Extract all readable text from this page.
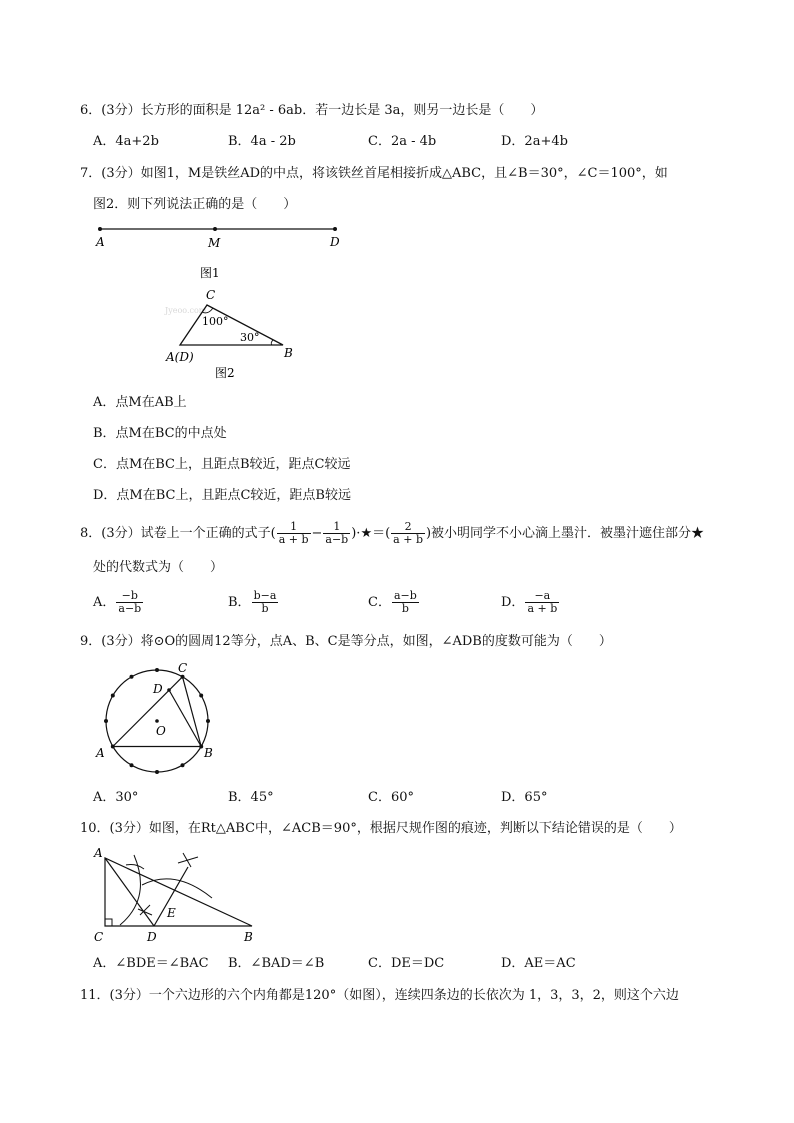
6．(3分）长方形的面积是 12a² - 6ab．若一边长是 3a，则另一边长是（　　）
A．4a+2b	B．4a - 2b	C．2a - 4b	D．2a+4b
7．(3分）如图1，M是铁丝AD的中点，将该铁丝首尾相接折成△ABC，且∠B＝30°，∠C＝100°，如
图2．则下列说法正确的是（　　）
A	M	D
图1
Jyeoo.com
C
100°
30°
B
A(D)
图2
A．点M在AB上
B．点M在BC的中点处
C．点M在BC上，且距点B较近，距点C较远
D．点M在BC上，且距点C较近，距点B较远
8．(3分）试卷上一个正确的式子( $\frac{1}{a + b} - \frac{1}{a-b}$ )·★＝( $\frac{2}{a + b}$ )被小明同学不小心滴上墨汁．被墨汁遮住部分★
处的代数式为（　　）
A． $\frac{-b}{a-b}$	B． $\frac{b-a}{b}$	C． $\frac{a-b}{b}$	D． $\frac{-a}{a + b}$
9．(3分）将⊙O的圆周12等分，点A、B、C是等分点，如图，∠ADB的度数可能为（　　）
C
D
O
A	B
A．30°	B．45°	C．60°	D．65°
10．(3分）如图，在Rt△ABC中，∠ACB＝90°，根据尺规作图的痕迹，判断以下结论错误的是（　　）
A
E
C	D	B
A．∠BDE＝∠BAC B．∠BAD＝∠B	C．DE＝DC	D．AE＝AC
11．(3分）一个六边形的六个内角都是120°（如图），连续四条边的长依次为 1，3，3，2，则这个六边
